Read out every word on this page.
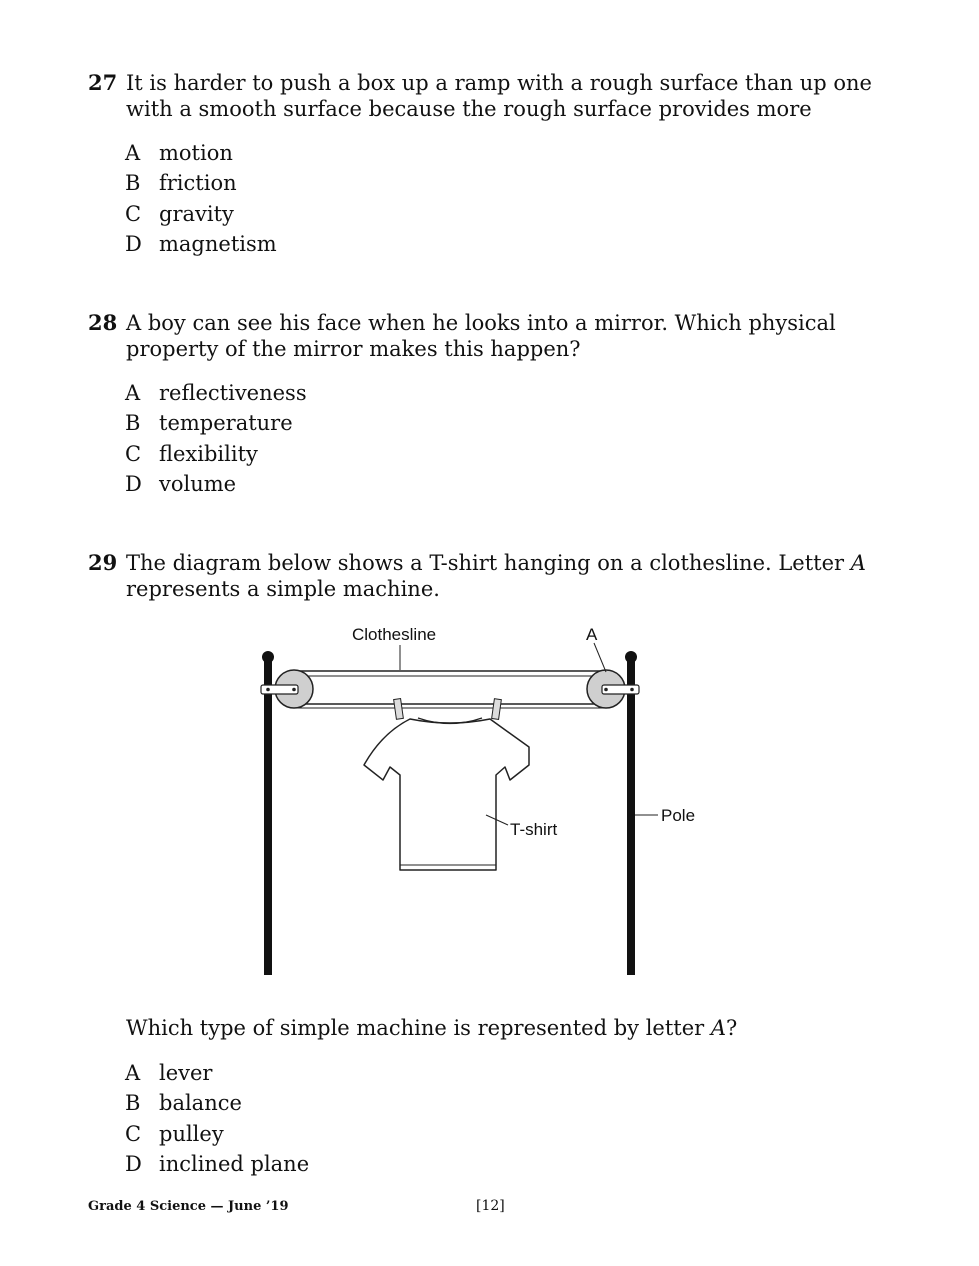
27 It is harder to push a box up a ramp with a rough surface than up one with a smooth surface because the rough surface provides more
A motion
B friction
C gravity
D magnetism
28 A boy can see his face when he looks into a mirror. Which physical property of the mirror makes this happen?
A reflectiveness
B temperature
C flexibility
D volume
29 The diagram below shows a T-shirt hanging on a clothesline. Letter A represents a simple machine.
Clothesline	A
T-shirt
Pole
Which type of simple machine is represented by letter A?
A lever
B balance
C pulley
D inclined plane
Grade 4 Science — June ’19	[12]
